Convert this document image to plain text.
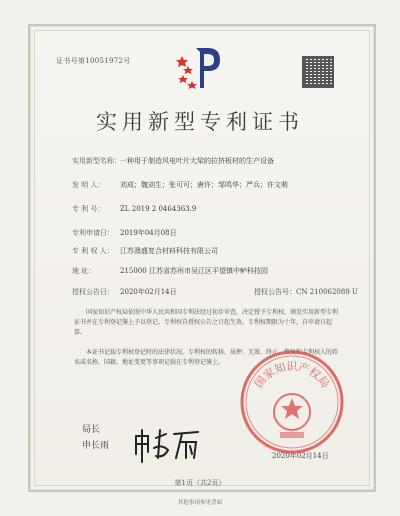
证书号第10051972号
实用新型专利证书
实用新型名称：一种用于制造风电叶片大梁的拉挤板材的生产设备
发 明 人： 刘成；魏刘生；张可可；唐许；邹鸣华；严兵；许文萌
专 利 号： ZL 2019 2 0464363.9
专利申请日： 2019年04月08日
专 利 权 人： 江苏澳盛复合材料科技有限公司
地 址：	215000 江苏省苏州市吴江区平望镇中鲈科技园
授权公告日： 2020年02月14日	授权公告号：CN 210062089 U
国家知识产权局依照中华人民共和国专利法经过初步审查，决定授予专利权，颁发实用新型专利证书并在专利登记簿上予以登记。专利权自授权公告之日起生效。专利权期限为十年，自申请日起算。
本证书记载专利权登记时的法律状况。专利权的转移、质押、无效、终止、恢复和专利权人的姓名或名称、国籍、地址变更等事项记载在专利登记簿上。
局长
申长雨
国家知识产权局
2020年02月14日
第1页（共2页）
其他事项参见背面
